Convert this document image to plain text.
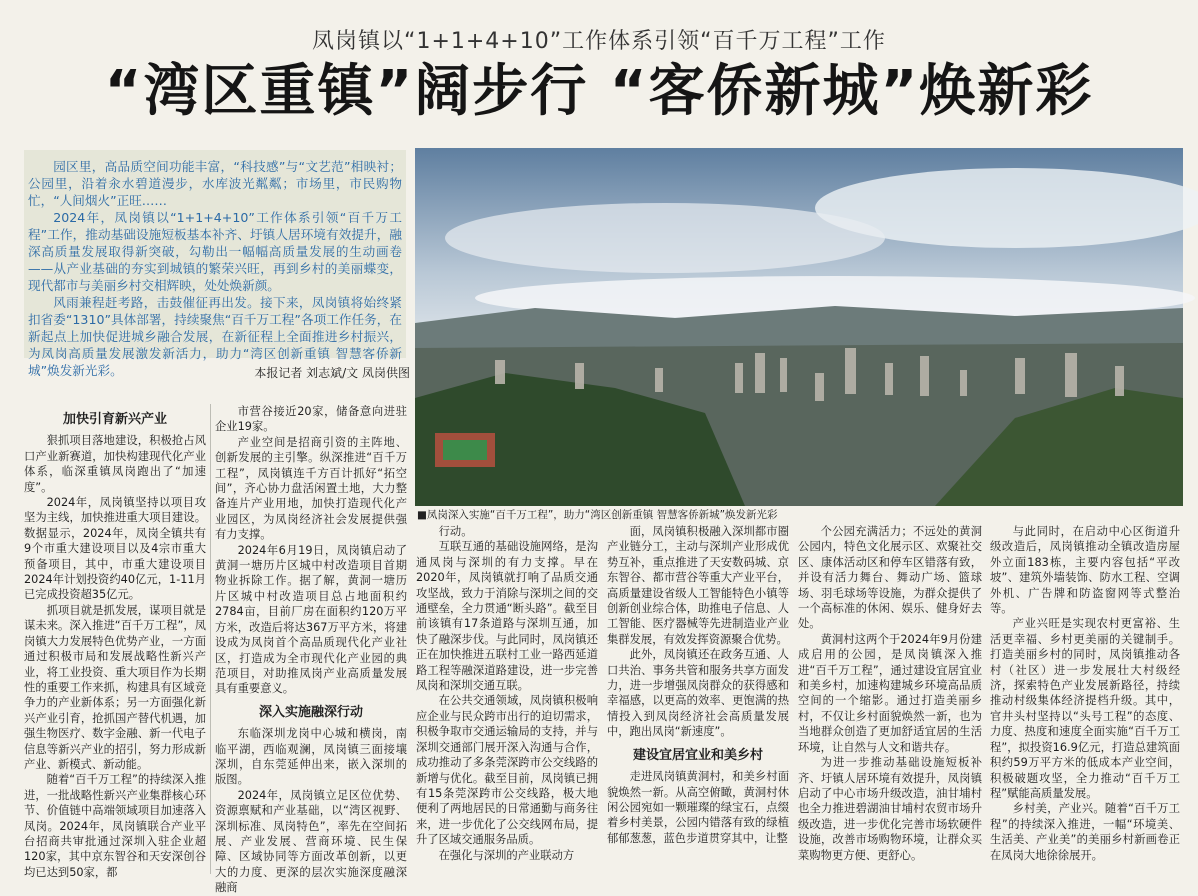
凤岗镇以“1+1+4+10”工作体系引领“百千万工程”工作
“湾区重镇”阔步行 “客侨新城”焕新彩

园区里，高品质空间功能丰富，“科技感”与“文艺范”相映衬；公园里，沿着汆水碧道漫步，水库波光粼粼；市场里，市民购物忙，“人间烟火”正旺……

2024年，凤岗镇以“1+1+4+10”工作体系引领“百千万工程”工作，推动基础设施短板基本补齐、圩镇人居环境有效提升，融深高质量发展取得新突破，勾勒出一幅幅高质量发展的生动画卷——从产业基础的夯实到城镇的繁荣兴旺，再到乡村的美丽蝶变，现代都市与美丽乡村交相辉映，处处焕新颜。

风雨兼程赶考路，击鼓催征再出发。接下来，凤岗镇将始终紧扣省委“1310”具体部署，持续聚焦“百千万工程”各项工作任务，在新起点上加快促进城乡融合发展，在新征程上全面推进乡村振兴，为凤岗高质量发展激发新活力，助力“湾区创新重镇 智慧客侨新城”焕发新光彩。	本报记者 刘志斌/文 凤岗供图
■凤岗深入实施“百千万工程”，助力“湾区创新重镇 智慧客侨新城”焕发新光彩

加快引育新兴产业

狠抓项目落地建设，积极抢占风口产业新赛道，加快构建现代化产业体系，临深重镇凤岗跑出了“加速度”。

2024年，凤岗镇坚持以项目攻坚为主线，加快推进重大项目建设。数据显示，2024年，凤岗全镇共有9个市重大建设项目以及4宗市重大预备项目，其中，市重大建设项目2024年计划投资约40亿元，1-11月已完成投资超35亿元。

抓项目就是抓发展，谋项目就是谋未来。深入推进“百千万工程”，凤岗镇大力发展特色优势产业，一方面通过积极市局和发展战略性新兴产业，将工业投资、重大项目作为长期性的重要工作来抓，构建具有区域竞争力的产业新体系；另一方面强化新兴产业引育，抢抓国产替代机遇，加强生物医疗、数字金融、新一代电子信息等新兴产业的招引，努力形成新产业、新模式、新动能。

随着“百千万工程”的持续深入推进，一批战略性新兴产业集群核心环节、价值链中高端领域项目加速落入凤岗。2024年，凤岗镇联合产业平台招商共审批通过深圳入驻企业超120家，其中京东智谷和天安深创谷均已达到50家，都

市营谷接近20家，储备意向进驻企业19家。

产业空间是招商引资的主阵地、创新发展的主引擎。纵深推进“百千万工程”，凤岗镇连千方百计抓好“拓空间”，齐心协力盘活闲置土地，大力整备连片产业用地，加快打造现代化产业园区，为凤岗经济社会发展提供强有力支撑。

2024年6月19日，凤岗镇启动了黄洞一塘历片区城中村改造项目首期物业拆除工作。据了解，黄洞一塘历片区城中村改造项目总占地面积约2784亩，目前厂房在面积约120万平方米，改造后将达367万平方米，将建设成为凤岗首个高品质现代化产业社区，打造成为全市现代化产业园的典范项目，对助推凤岗产业高质量发展具有重要意义。

深入实施融深行动

东临深圳龙岗中心城和横岗，南临平湖，西临观澜，凤岗镇三面接壤深圳，自东莞延伸出来，嵌入深圳的版图。

2024年，凤岗镇立足区位优势、资源禀赋和产业基础，以“湾区视野、深圳标准、凤岗特色”，率先在空间拓展、产业发展、营商环境、民生保障、区域协同等方面改革创新，以更大的力度、更深的层次实施深度融深融商

行动。

互联互通的基础设施网络，是沟通凤岗与深圳的有力支撑。早在2020年，凤岗镇就打响了品质交通攻坚战，致力于消除与深圳之间的交通壁垒，全力贯通“断头路”。截至目前该镇有17条道路与深圳互通，加快了融深步伐。与此同时，凤岗镇还正在加快推进五联村工业一路西延道路工程等融深道路建设，进一步完善凤岗和深圳交通互联。

在公共交通领域，凤岗镇积极响应企业与民众跨市出行的迫切需求，积极争取市交通运输局的支持，并与深圳交通部门展开深入沟通与合作，成功推动了多条莞深跨市公交线路的新增与优化。截至目前，凤岗镇已拥有15条莞深跨市公交线路，极大地便利了两地居民的日常通勤与商务往来，进一步优化了公交线网布局，提升了区域交通服务品质。

在强化与深圳的产业联动方

面，凤岗镇积极融入深圳都市圈产业链分工，主动与深圳产业形成优势互补，重点推进了天安数码城、京东智谷、都市营谷等重大产业平台，高质量建设省级人工智能特色小镇等创新创业综合体，助推电子信息、人工智能、医疗器械等先进制造业产业集群发展，有效发挥资源聚合优势。

此外，凤岗镇还在政务互通、人口共治、事务共管和服务共享方面发力，进一步增强凤岗群众的获得感和幸福感，以更高的效率、更饱满的热情投入到凤岗经济社会高质量发展中，跑出凤岗“新速度”。

建设宜居宜业和美乡村

走进凤岗镇黄洞村，和美乡村面貌焕然一新。从高空俯瞰，黄洞村休闲公园宛如一颗璀璨的绿宝石，点缀着乡村美景，公园内错落有致的绿植郁郁葱葱，蓝色步道贯穿其中，让整

个公园充满活力；不远处的黄洞公园内，特色文化展示区、欢聚社交区、康体活动区和停车区错落有致，并设有活力舞台、舞动广场、篮球场、羽毛球场等设施，为群众提供了一个高标准的休闲、娱乐、健身好去处。

黄洞村这两个于2024年9月份建成启用的公园，是凤岗镇深入推进“百千万工程”，通过建设宜居宜业和美乡村，加速构建城乡环境高品质空间的一个缩影。通过打造美丽乡村，不仅让乡村面貌焕然一新，也为当地群众创造了更加舒适宜居的生活环境，让自然与人文和谐共存。

为进一步推动基础设施短板补齐、圩镇人居环境有效提升，凤岗镇启动了中心市场升级改造，油甘埔村也全力推进碧湖油甘埔村农贸市场升级改造，进一步优化完善市场软硬件设施，改善市场购物环境，让群众买菜购物更方便、更舒心。

与此同时，在启动中心区街道升级改造后，凤岗镇推动全镇改造房屋外立面183栋，主要内容包括“平改坡”、建筑外墙装饰、防水工程、空调外机、广告牌和防盗窗网等式整治等。

产业兴旺是实现农村更富裕、生活更幸福、乡村更美丽的关键制手。打造美丽乡村的同时，凤岗镇推动各村（社区）进一步发展壮大村级经济，探索特色产业发展新路径，持续推动村级集体经济提档升级。其中，官井头村坚持以“头号工程”的态度、力度、热度和速度全面实施“百千万工程”，拟投资16.9亿元，打造总建筑面积约59万平方米的低成本产业空间，积极破题攻坚，全力推动“百千万工程”赋能高质量发展。

乡村美，产业兴。随着“百千万工程”的持续深入推进，一幅“环境美、生活美、产业美”的美丽乡村新画卷正在凤岗大地徐徐展开。
